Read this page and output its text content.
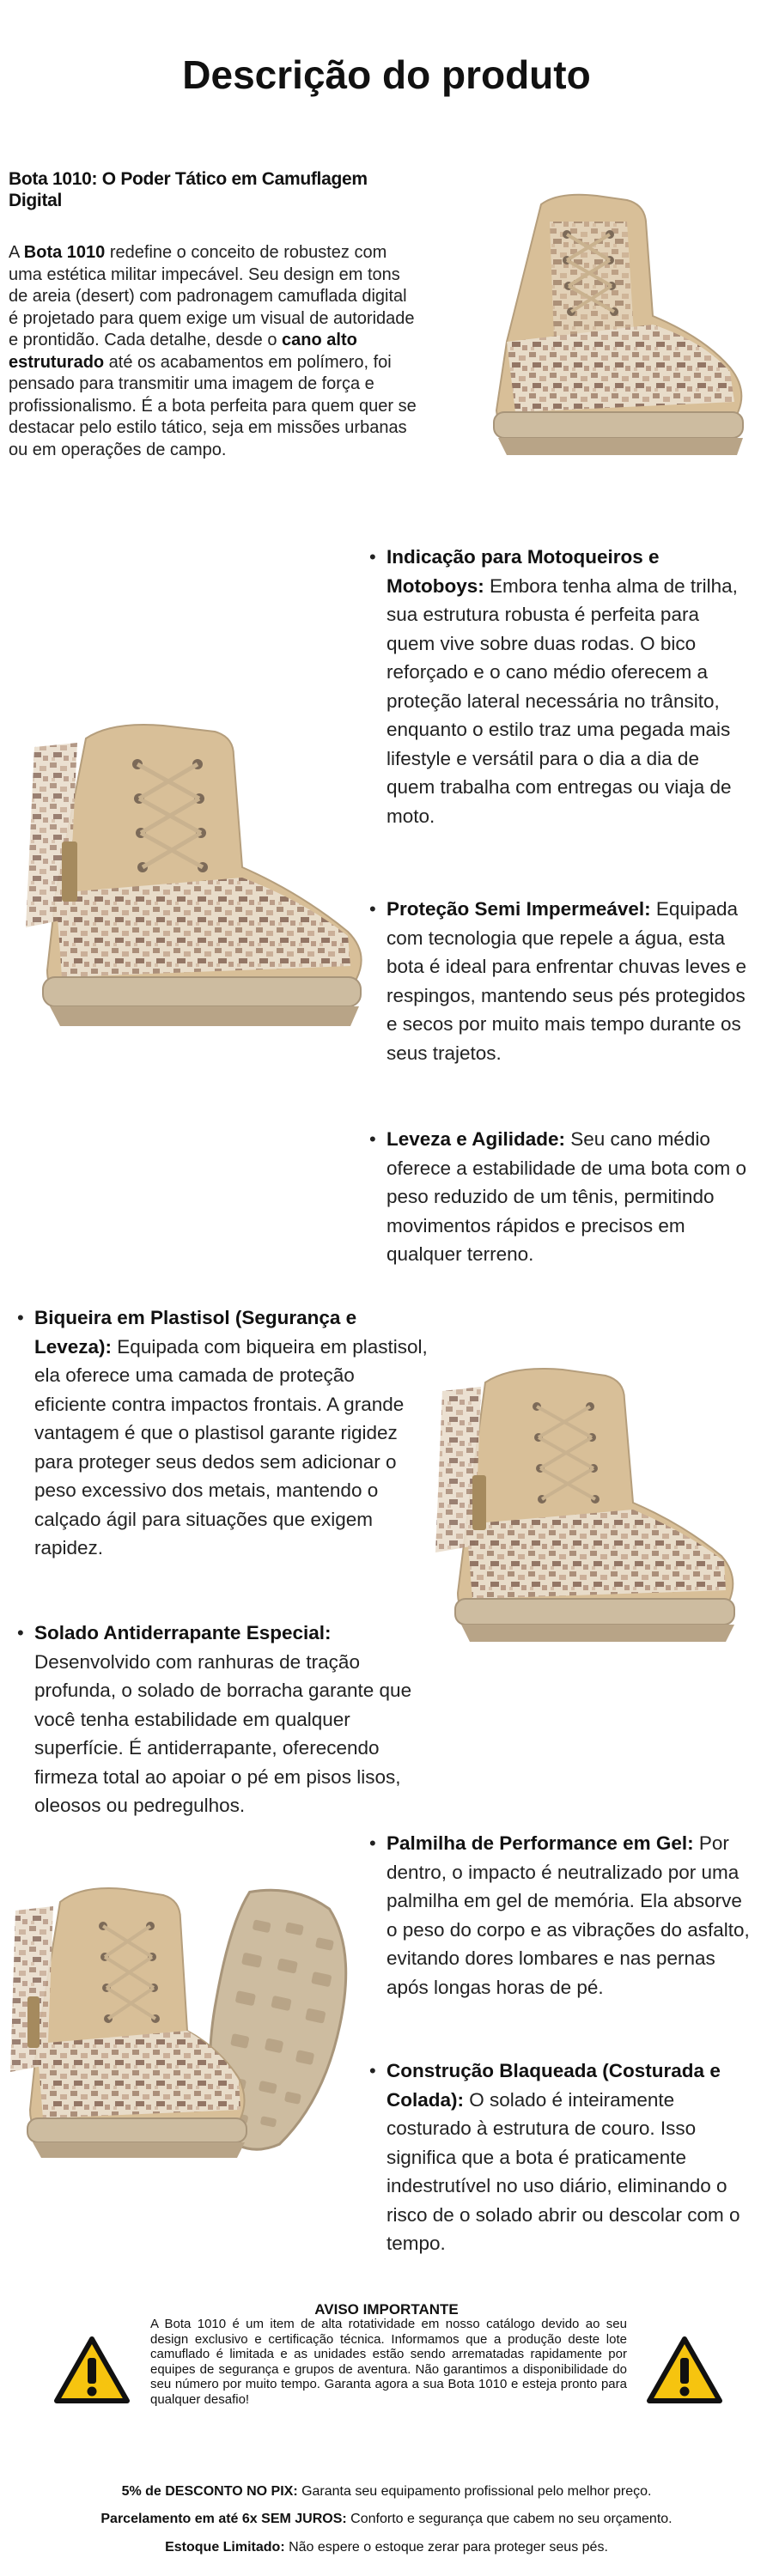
Descrição do produto
Bota 1010: O Poder Tático em Camuflagem Digital
A Bota 1010 redefine o conceito de robustez com uma estética militar impecável. Seu design em tons de areia (desert) com padronagem camuflada digital é projetado para quem exige um visual de autoridade e prontidão. Cada detalhe, desde o cano alto estruturado até os acabamentos em polímero, foi pensado para transmitir uma imagem de força e profissionalismo. É a bota perfeita para quem quer se destacar pelo estilo tático, seja em missões urbanas ou em operações de campo.
• Indicação para Motoqueiros e Motoboys: Embora tenha alma de trilha, sua estrutura robusta é perfeita para quem vive sobre duas rodas. O bico reforçado e o cano médio oferecem a proteção lateral necessária no trânsito, enquanto o estilo traz uma pegada mais lifestyle e versátil para o dia a dia de quem trabalha com entregas ou viaja de moto.
• Proteção Semi Impermeável: Equipada com tecnologia que repele a água, esta bota é ideal para enfrentar chuvas leves e respingos, mantendo seus pés protegidos e secos por muito mais tempo durante os seus trajetos.
• Leveza e Agilidade: Seu cano médio oferece a estabilidade de uma bota com o peso reduzido de um tênis, permitindo movimentos rápidos e precisos em qualquer terreno.
• Biqueira em Plastisol (Segurança e Leveza): Equipada com biqueira em plastisol, ela oferece uma camada de proteção eficiente contra impactos frontais. A grande vantagem é que o plastisol garante rigidez para proteger seus dedos sem adicionar o peso excessivo dos metais, mantendo o calçado ágil para situações que exigem rapidez.
• Solado Antiderrapante Especial: Desenvolvido com ranhuras de tração profunda, o solado de borracha garante que você tenha estabilidade em qualquer superfície. É antiderrapante, oferecendo firmeza total ao apoiar o pé em pisos lisos, oleosos ou pedregulhos.
• Palmilha de Performance em Gel: Por dentro, o impacto é neutralizado por uma palmilha em gel de memória. Ela absorve o peso do corpo e as vibrações do asfalto, evitando dores lombares e nas pernas após longas horas de pé.
• Construção Blaqueada (Costurada e Colada): O solado é inteiramente costurado à estrutura de couro. Isso significa que a bota é praticamente indestrutível no uso diário, eliminando o risco de o solado abrir ou descolar com o tempo.
AVISO IMPORTANTE
A Bota 1010 é um item de alta rotatividade em nosso catálogo devido ao seu design exclusivo e certificação técnica. Informamos que a produção deste lote camuflado é limitada e as unidades estão sendo arrematadas rapidamente por equipes de segurança e grupos de aventura. Não garantimos a disponibilidade do seu número por muito tempo. Garanta agora a sua Bota 1010 e esteja pronto para qualquer desafio!
5% de DESCONTO NO PIX: Garanta seu equipamento profissional pelo melhor preço.
Parcelamento em até 6x SEM JUROS: Conforto e segurança que cabem no seu orçamento.
Estoque Limitado: Não espere o estoque zerar para proteger seus pés.
